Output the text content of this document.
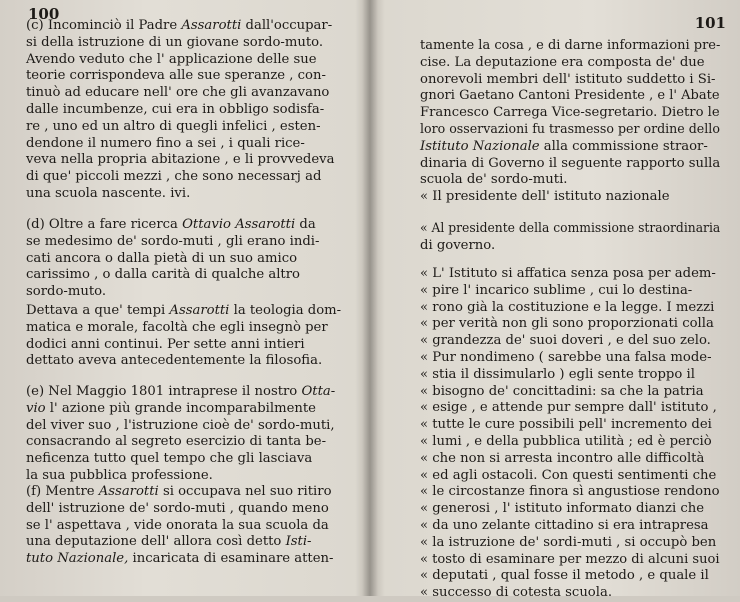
100
(c) Incominciò il Padre Assarotti dall'occupar-
si della istruzione di un giovane sordo-muto.
Avendo veduto che l' applicazione delle sue
teorie corrispondeva alle sue speranze , con-
tinuò ad educare nell' ore che gli avanzavano
dalle incumbenze, cui era in obbligo sodisfa-
re , uno ed un altro di quegli infelici , esten-
dendone il numero fino a sei , i quali rice-
veva nella propria abitazione , e li provvedeva
di que' piccoli mezzi , che sono necessarj ad
una scuola nascente. ivi.
(d) Oltre a fare ricerca Ottavio Assarotti da
se medesimo de' sordo-muti , gli erano indi-
cati ancora o dalla pietà di un suo amico
carissimo , o dalla carità di qualche altro
sordo-muto.
Dettava a que' tempi Assarotti la teologia dom-
matica e morale, facoltà che egli insegnò per
dodici anni continui. Per sette anni intieri
dettato aveva antecedentemente la filosofia.
(e) Nel Maggio 1801 intraprese il nostro Otta-
vio l' azione più grande incomparabilmente
del viver suo , l'istruzione cioè de' sordo-muti,
consacrando al segreto esercizio di tanta be-
neficenza tutto quel tempo che gli lasciava
la sua pubblica professione.
(f) Mentre Assarotti si occupava nel suo ritiro
dell' istruzione de' sordo-muti , quando meno
se l' aspettava , vide onorata la sua scuola da
una deputazione dell' allora così detto Isti-
tuto Nazionale, incaricata di esaminare atten-
101
tamente la cosa , e di darne informazioni pre-
cise. La deputazione era composta de' due
onorevoli membri dell' istituto suddetto i Si-
gnori Gaetano Cantoni Presidente , e l' Abate
Francesco Carrega Vice-segretario. Dietro le
loro osservazioni fu trasmesso per ordine dello
Istituto Nazionale alla commissione straor-
dinaria di Governo il seguente rapporto sulla
scuola de' sordo-muti.
« Il presidente dell' istituto nazionale
« Al presidente della commissione straordinaria
di governo.
« L' Istituto si affatica senza posa per adem-
« pire l' incarico sublime , cui lo destina-
« rono già la costituzione e la legge. I mezzi
« per verità non gli sono proporzionati colla
« grandezza de' suoi doveri , e del suo zelo.
« Pur nondimeno ( sarebbe una falsa mode-
« stia il dissimularlo ) egli sente troppo il
« bisogno de' concittadini: sa che la patria
« esige , e attende pur sempre dall' istituto ,
« tutte le cure possibili pell' incremento dei
« lumi , e della pubblica utilità ; ed è perciò
« che non si arresta incontro alle difficoltà
« ed agli ostacoli. Con questi sentimenti che
« le circostanze finora sì angustiose rendono
« generosi , l' istituto informato dianzi che
« da uno zelante cittadino si era intrapresa
« la istruzione de' sordi-muti , si occupò ben
« tosto di esaminare per mezzo di alcuni suoi
« deputati , qual fosse il metodo , e quale il
« successo di cotesta scuola.
